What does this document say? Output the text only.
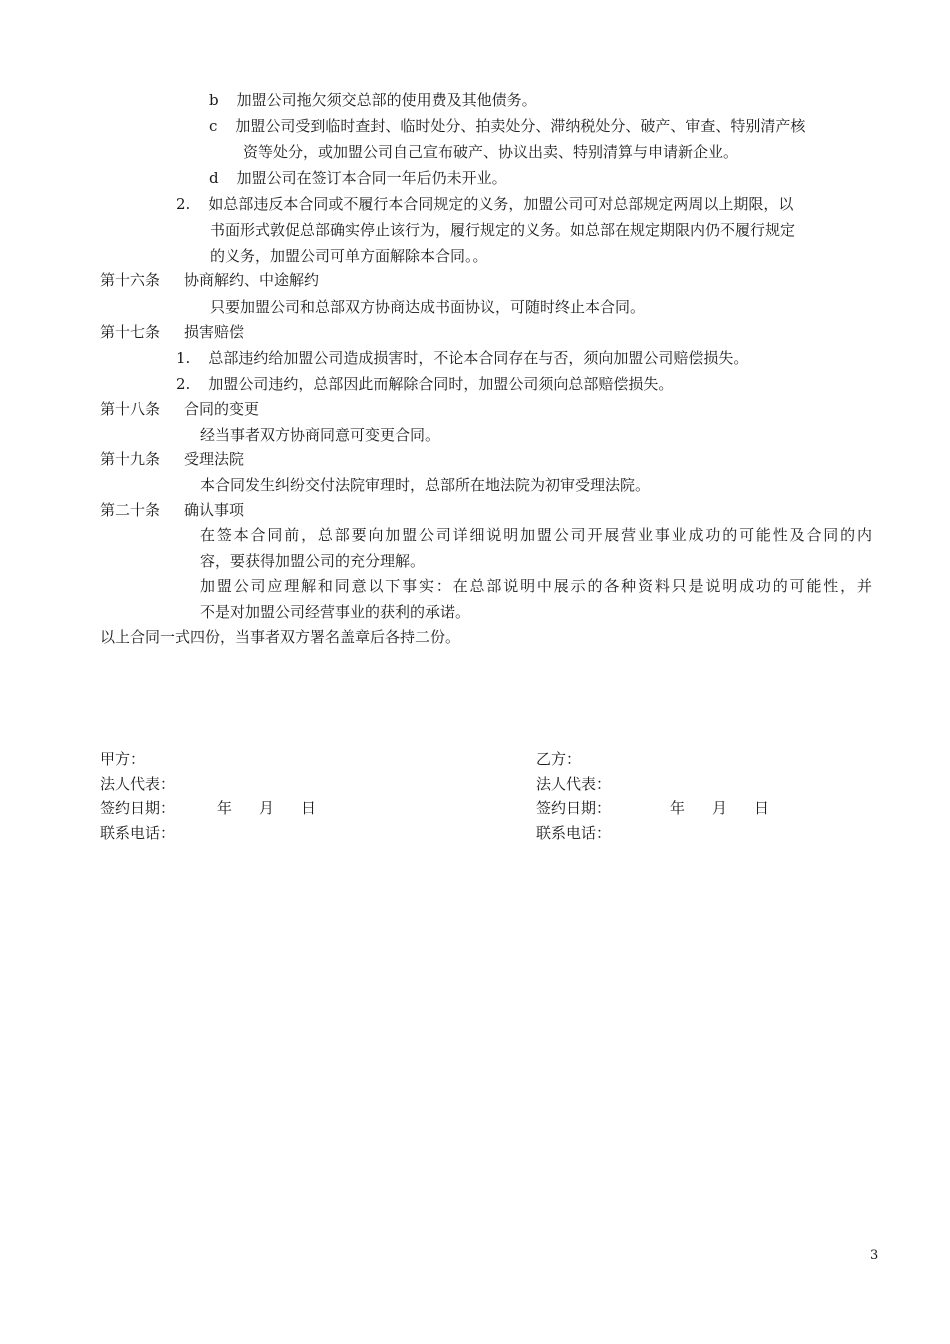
b 加盟公司拖欠须交总部的使用费及其他债务。
c 加盟公司受到临时查封、临时处分、拍卖处分、滞纳税处分、破产、审查、特别清产核
资等处分，或加盟公司自己宣布破产、协议出卖、特别清算与申请新企业。
d 加盟公司在签订本合同一年后仍未开业。
2. 如总部违反本合同或不履行本合同规定的义务，加盟公司可对总部规定两周以上期限，以
书面形式敦促总部确实停止该行为，履行规定的义务。如总部在规定期限内仍不履行规定
的义务，加盟公司可单方面解除本合同。。
第十六条 协商解约、中途解约
只要加盟公司和总部双方协商达成书面协议，可随时终止本合同。
第十七条 损害赔偿
1. 总部违约给加盟公司造成损害时，不论本合同存在与否，须向加盟公司赔偿损失。
2. 加盟公司违约，总部因此而解除合同时，加盟公司须向总部赔偿损失。
第十八条 合同的变更
经当事者双方协商同意可变更合同。
第十九条 受理法院
本合同发生纠纷交付法院审理时，总部所在地法院为初审受理法院。
第二十条 确认事项
在签本合同前，总部要向加盟公司详细说明加盟公司开展营业事业成功的可能性及合同的内
容，要获得加盟公司的充分理解。
加盟公司应理解和同意以下事实：在总部说明中展示的各种资料只是说明成功的可能性，并
不是对加盟公司经营事业的获利的承诺。
以上合同一式四份，当事者双方署名盖章后各持二份。
甲方：
法人代表：
签约日期：	年 月 日
联系电话：
乙方：
法人代表：
签约日期：	年 月 日
联系电话：
3
